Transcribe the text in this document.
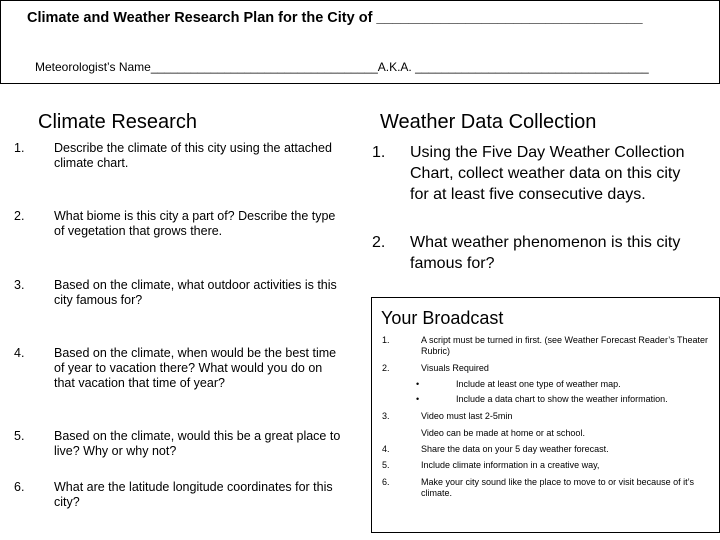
Climate and Weather Research Plan for the City of _________________________________
Meteorologist’s Name__________________________________A.K.A. ___________________________________
Climate Research	Weather Data Collection
1. Describe the climate of this city using the attached climate chart.
2. What biome is this city a part of? Describe the type of vegetation that grows there.
3. Based on the climate, what outdoor activities is this city famous for?
4. Based on the climate, when would be the best time of year to vacation there? What would you do on that vacation that time of year?
5. Based on the climate, would this be a great place to live? Why or why not?
6. What are the latitude longitude coordinates for this city?
1. Using the Five Day Weather Collection Chart, collect weather data on this city for at least five consecutive days.
2. What weather phenomenon is this city famous for?
Your Broadcast
1.	A script must be turned in first. (see Weather Forecast Reader’s Theater Rubric)
2.	Visuals Required
•	Include at least one type of weather map.
•	Include a data chart to show the weather information.
3.	Video must last 2-5min
Video can be made at home or at school.
4.	Share the data on your 5 day weather forecast.
5.	Include climate information in a creative way,
6.	Make your city sound like the place to move to or visit because of it’s climate.
